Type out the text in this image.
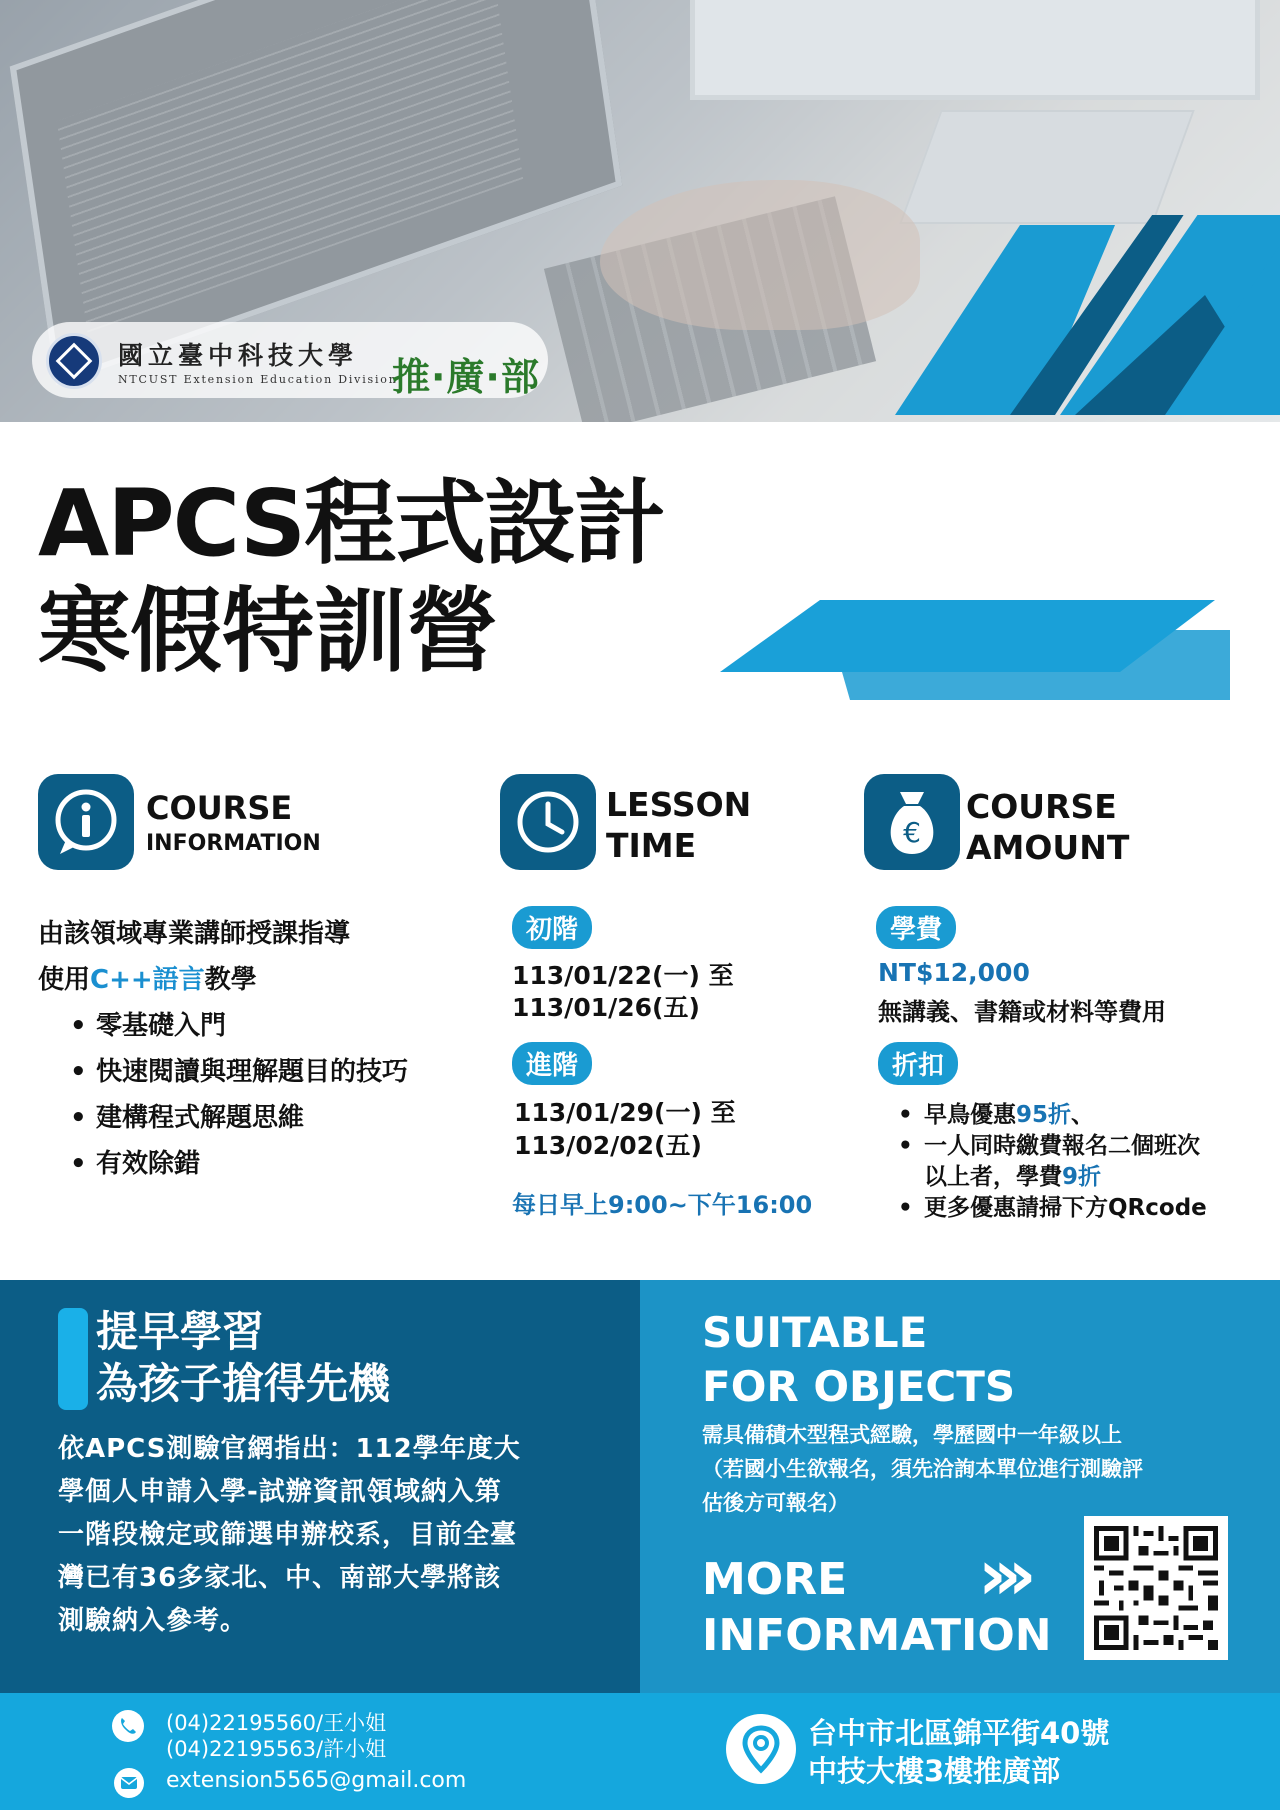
國立臺中科技大學
NTCUST Extension Education Division
推·廣·部
APCS程式設計
寒假特訓營
COURSE
INFORMATION
由該領域專業講師授課指導
使用C++語言教學
• 零基礎入門
• 快速閱讀與理解題目的技巧
• 建構程式解題思維
• 有效除錯
LESSON
TIME
初階
113/01/22(一) 至
113/01/26(五)
進階
113/01/29(一) 至
113/02/02(五)
每日早上9:00~下午16:00
€
COURSE
AMOUNT
學費
NT$12,000
無講義、書籍或材料等費用
折扣
• 早鳥優惠95折、
• 一人同時繳費報名二個班次
以上者，學費9折
• 更多優惠請掃下方QRcode
提早學習
為孩子搶得先機
依APCS測驗官網指出：112學年度大
學個人申請入學-試辦資訊領域納入第
一階段檢定或篩選申辦校系，目前全臺
灣已有36多家北、中、南部大學將該
測驗納入參考。
SUITABLE
FOR OBJECTS
需具備積木型程式經驗，學歷國中一年級以上
（若國小生欲報名，須先洽詢本單位進行測驗評
估後方可報名）
MORE
INFORMATION
›››
(04)22195560/王小姐
(04)22195563/許小姐
extension5565@gmail.com
台中市北區錦平街40號
中技大樓3樓推廣部
